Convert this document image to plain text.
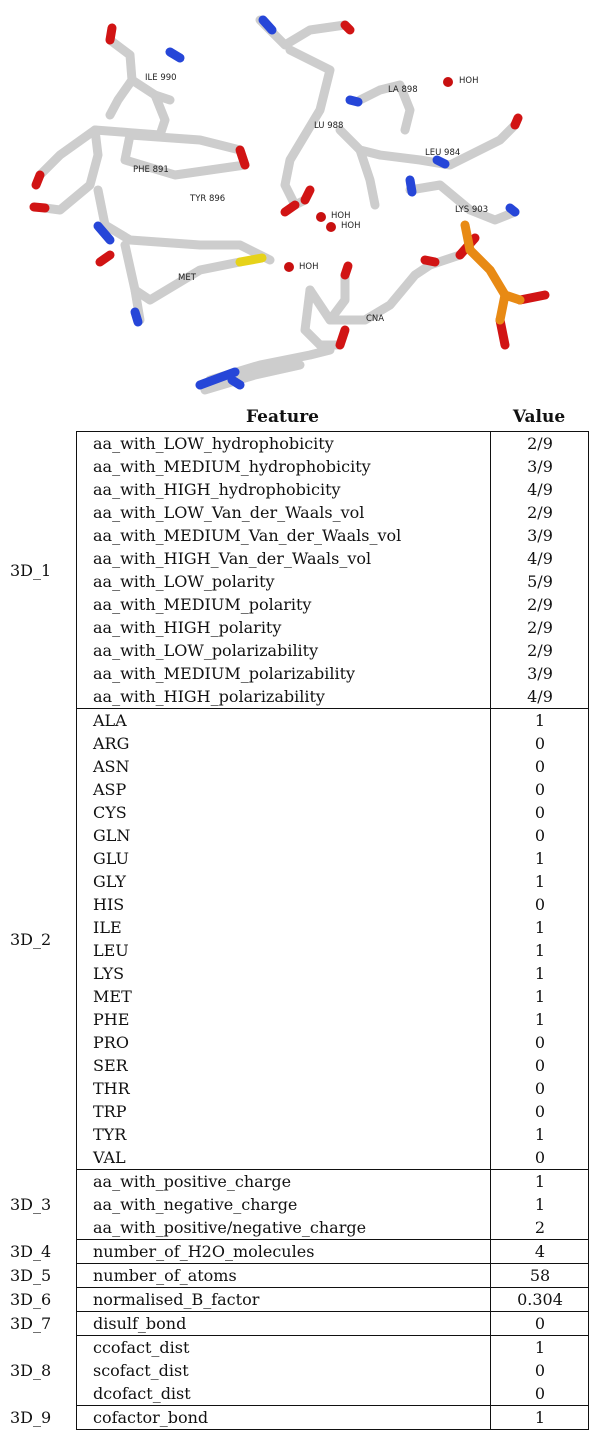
ILE 990
PHE 891
TYR 896
MET
LU 988
LA 898
LEU 984
LYS 903
CNA
HOH
HOH
HOH
HOH
Feature	Value
3D_1
aa_with_LOW_hydrophobicity	2/9
aa_with_MEDIUM_hydrophobicity	3/9
aa_with_HIGH_hydrophobicity	4/9
aa_with_LOW_Van_der_Waals_vol	2/9
aa_with_MEDIUM_Van_der_Waals_vol	3/9
aa_with_HIGH_Van_der_Waals_vol	4/9
aa_with_LOW_polarity	5/9
aa_with_MEDIUM_polarity	2/9
aa_with_HIGH_polarity	2/9
aa_with_LOW_polarizability	2/9
aa_with_MEDIUM_polarizability	3/9
aa_with_HIGH_polarizability	4/9
3D_2
ALA	1
ARG	0
ASN	0
ASP	0
CYS	0
GLN	0
GLU	1
GLY	1
HIS	0
ILE	1
LEU	1
LYS	1
MET	1
PHE	1
PRO	0
SER	0
THR	0
TRP	0
TYR	1
VAL	0
3D_3
aa_with_positive_charge	1
aa_with_negative_charge	1
aa_with_positive/negative_charge	2
3D_4	number_of_H2O_molecules	4
3D_5	number_of_atoms	58
3D_6	normalised_B_factor	0.304
3D_7	disulf_bond	0
3D_8
ccofact_dist	1
scofact_dist	0
dcofact_dist	0
3D_9	cofactor_bond	1
